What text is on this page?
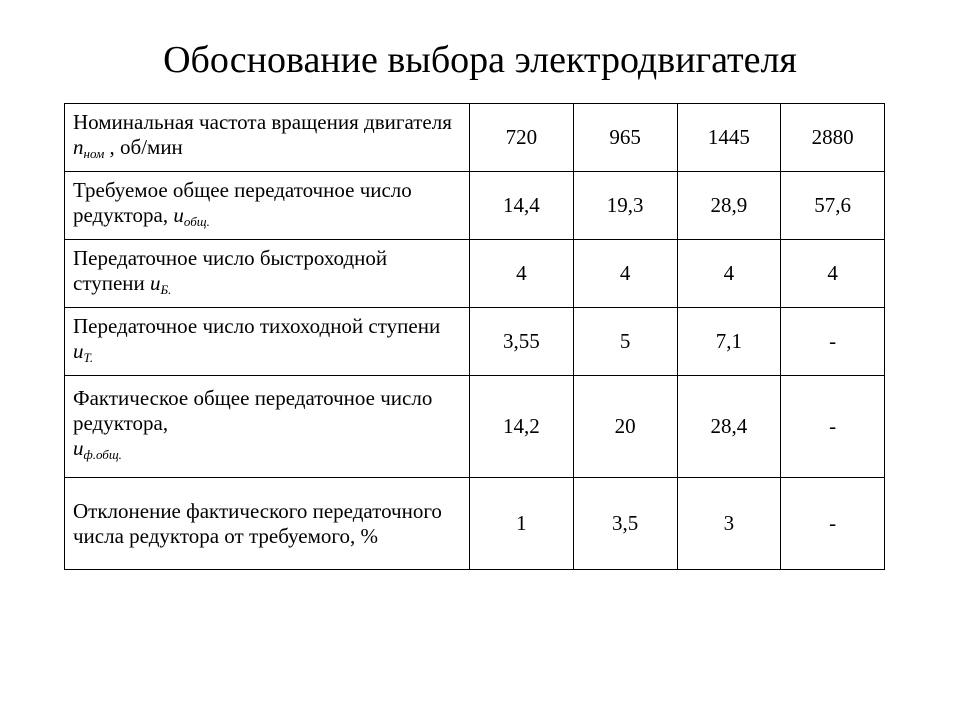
Обоснование выбора электродвигателя
Номинальная частота вращения двигателя $n_{ном}$ , об/мин	720	965	1445	2880
Требуемое общее передаточное число редуктора, $u_{общ.}$	14,4	19,3	28,9	57,6
Передаточное число быстроходной ступени $u_{Б.}$	4	4	4	4
Передаточное число тихоходной ступени $u_{Т.}$	3,55	5	7,1	-
Фактическое общее передаточное число редуктора,
$u_{ф.общ.}$	14,2	20	28,4	-
Отклонение фактического передаточного числа редуктора от требуемого, %	1	3,5	3	-
